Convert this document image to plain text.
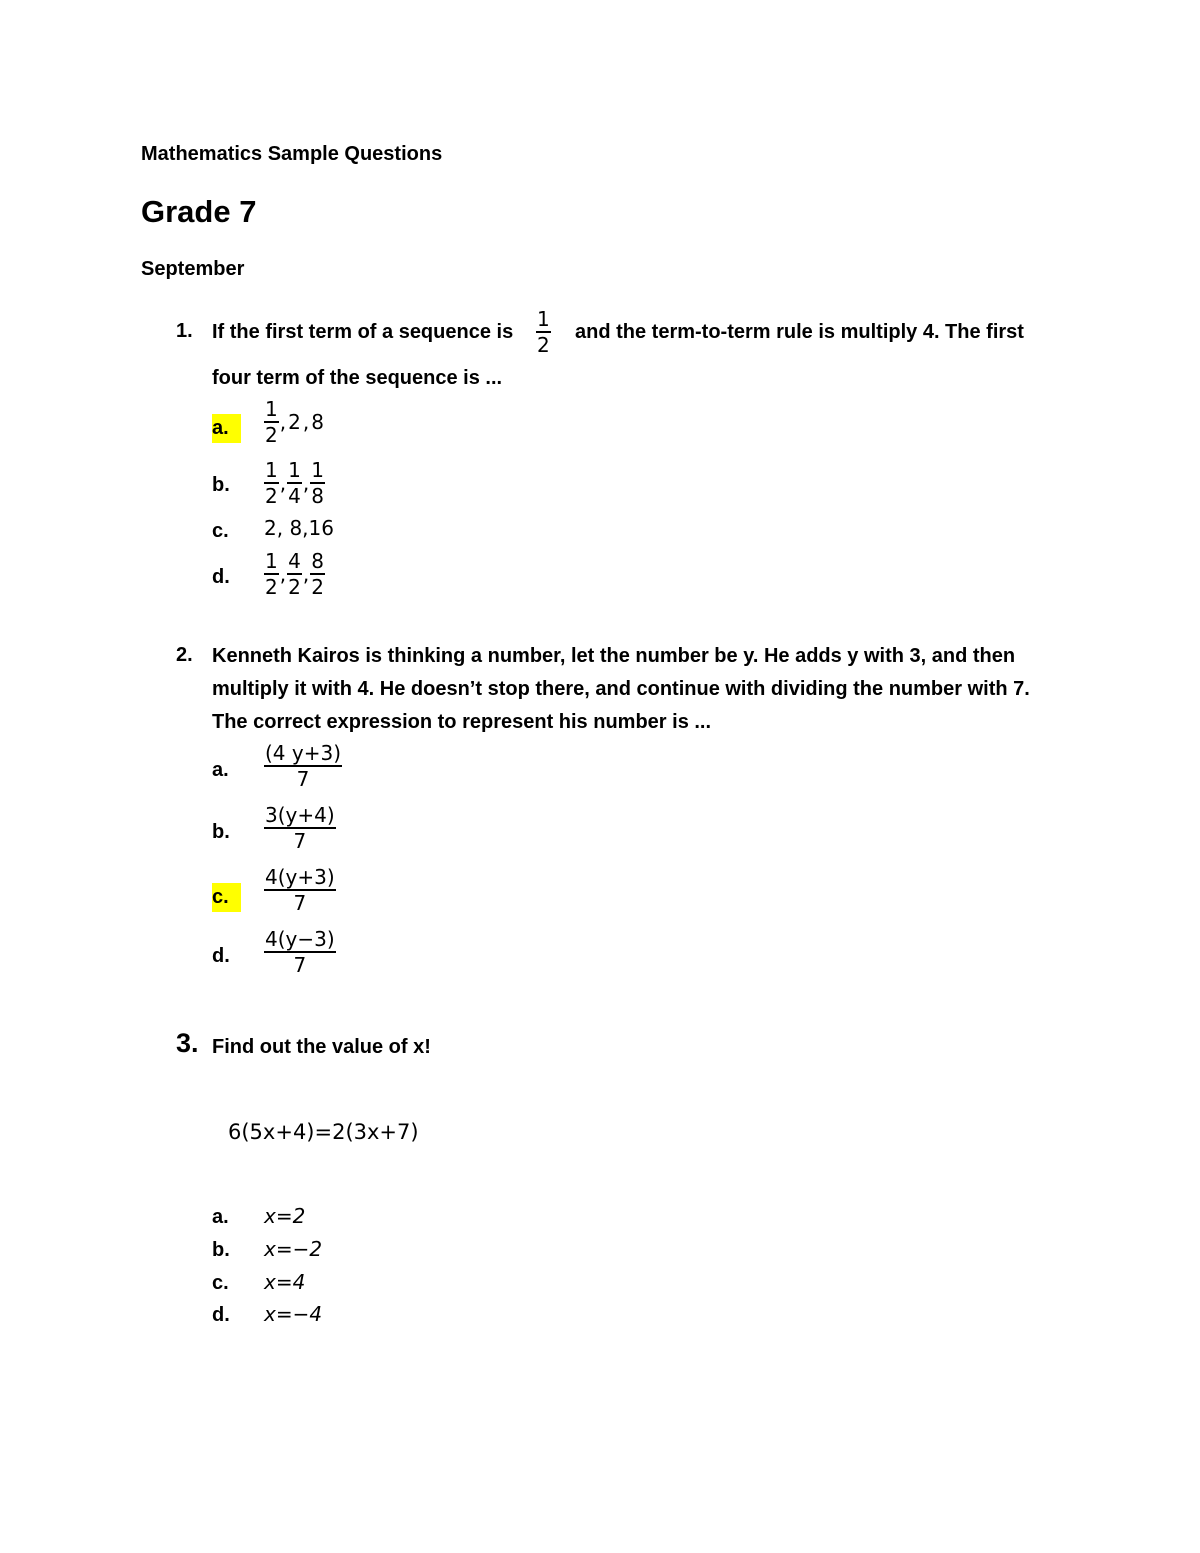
Mathematics Sample Questions
Grade 7
September
1. If the first term of a sequence is $\frac{1}{2}$ and the term-to-term rule is multiply 4. The first
four term of the sequence is ...
a.	$\frac{1}{2}$ , 2 , 8
b. $\frac{1}{2}$ , $\frac{1}{4}$ , $\frac{1}{8}$
c. 2, 8,16
d. $\frac{1}{2}$ , $\frac{4}{2}$ , $\frac{8}{2}$
2. Kenneth Kairos is thinking a number, let the number be y. He adds y with 3, and then
multiply it with 4. He doesn’t stop there, and continue with dividing the number with 7.
The correct expression to represent his number is ...
a. $\frac{(4 y+3)}{7}$
b. $\frac{3(y+4)}{7}$
c.	$\frac{4(y+3)}{7}$
d. $\frac{4(y-3)}{7}$
3. Find out the value of x!
6(5x+4)=2(3x+7)
a. x=2
b. x=−2
c. x=4
d. x=−4
